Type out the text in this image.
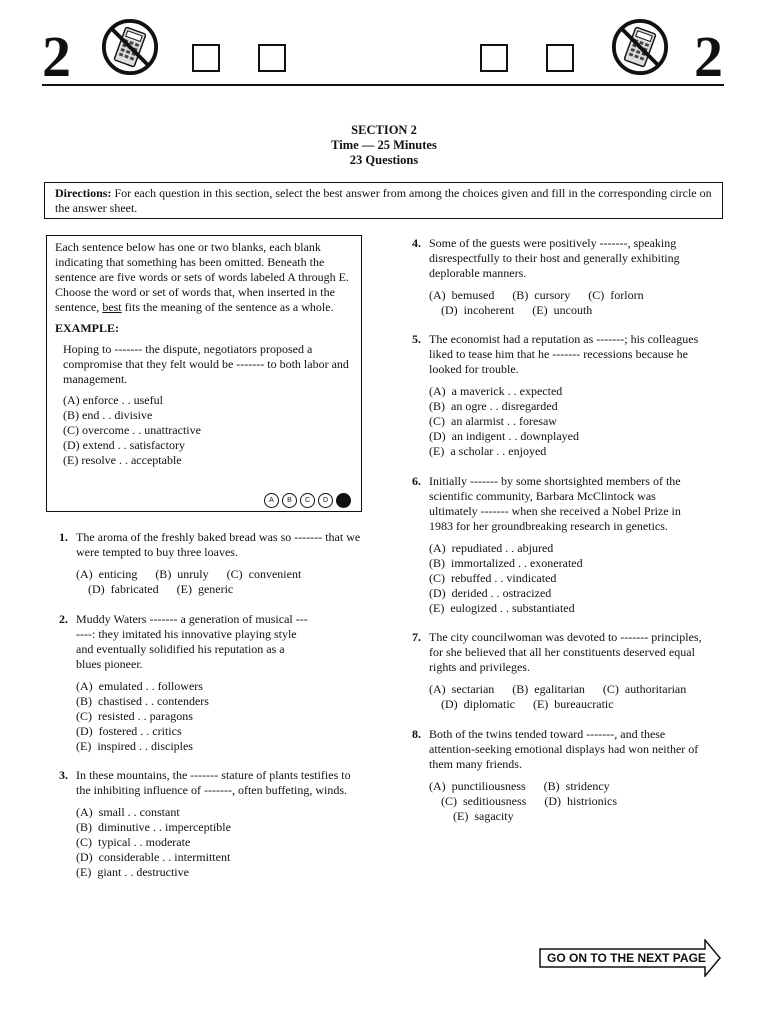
2	2
SECTION 2
Time — 25 Minutes
23 Questions
Directions: For each question in this section, select the best answer from among the choices given and fill in the corresponding circle on the answer sheet.

Each sentence below has one or two blanks, each blank indicating that something has been omitted. Beneath the sentence are five words or sets of words labeled A through E. Choose the word or set of words that, when inserted in the sentence, best fits the meaning of the sentence as a whole.

EXAMPLE:

Hoping to ------- the dispute, negotiators proposed a compromise that they felt would be ------- to both labor and management.

(A) enforce . . useful
(B) end . . divisive
(C) overcome . . unattractive
(D) extend . . satisfactory
(E) resolve . . acceptable
A	B	C	D
1. The aroma of the freshly baked bread was so ------- that we were tempted to buy three loaves.

(A)  enticing      (B)  unruly      (C)  convenient
(D)  fabricated      (E)  generic
2. Muddy Waters ------- a generation of musical -------: they imitated his innovative playing style and eventually solidified his reputation as a blues pioneer.

(A)  emulated . . followers
(B)  chastised . . contenders
(C)  resisted . . paragons
(D)  fostered . . critics
(E)  inspired . . disciples
3. In these mountains, the ------- stature of plants testifies to the inhibiting influence of -------, often buffeting, winds.

(A)  small . . constant
(B)  diminutive . . imperceptible
(C)  typical . . moderate
(D)  considerable . . intermittent
(E)  giant . . destructive
4. Some of the guests were positively -------, speaking disrespectfully to their host and generally exhibiting deplorable manners.

(A)  bemused      (B)  cursory      (C)  forlorn
(D)  incoherent      (E)  uncouth
5. The economist had a reputation as -------; his colleagues liked to tease him that he ------- recessions because he looked for trouble.

(A)  a maverick . . expected
(B)  an ogre . . disregarded
(C)  an alarmist . . foresaw
(D)  an indigent . . downplayed
(E)  a scholar . . enjoyed
6. Initially ------- by some shortsighted members of the scientific community, Barbara McClintock was ultimately ------- when she received a Nobel Prize in 1983 for her groundbreaking research in genetics.

(A)  repudiated . . abjured
(B)  immortalized . . exonerated
(C)  rebuffed . . vindicated
(D)  derided . . ostracized
(E)  eulogized . . substantiated
7. The city councilwoman was devoted to ------- principles, for she believed that all her constituents deserved equal rights and privileges.

(A)  sectarian      (B)  egalitarian      (C)  authoritarian
(D)  diplomatic      (E)  bureaucratic
8. Both of the twins tended toward -------, and these attention-seeking emotional displays had won neither of them many friends.

(A)  punctiliousness      (B)  stridency
(C)  seditiousness      (D)  histrionics
(E)  sagacity
GO ON TO THE NEXT PAGE
